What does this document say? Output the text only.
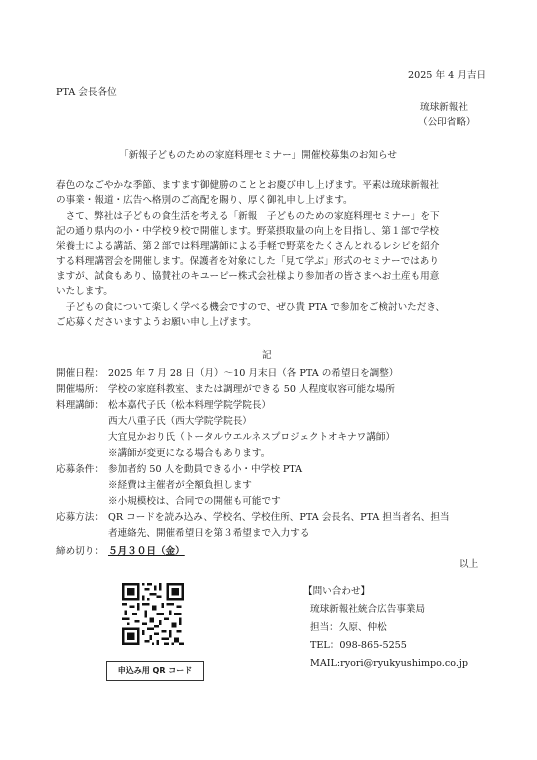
2025 年 4 月吉日
PTA 会長各位
琉球新報社
（公印省略）
「新報子どものための家庭料理セミナー」開催校募集のお知らせ
春色のなごやかな季節、ますます御健勝のこととお慶び申し上げます。平素は琉球新報社
の事業・報道・広告へ格別のご高配を賜り、厚く御礼申し上げます。
　さて、弊社は子どもの食生活を考える「新報　子どものための家庭料理セミナー」を下
記の通り県内の小・中学校９校で開催します。野菜摂取量の向上を目指し、第１部で学校
栄養士による講話、第２部では料理講師による手軽で野菜をたくさんとれるレシピを紹介
する料理講習会を開催します。保護者を対象にした「見て学ぶ」形式のセミナーではあり
ますが、試食もあり、協賛社のキユーピー株式会社様より参加者の皆さまへお土産も用意
いたします。
　子どもの食について楽しく学べる機会ですので、ぜひ貴 PTA で参加をご検討いただき、
ご応募くださいますようお願い申し上げます。
記
開催日程： 2025 年 7 月 28 日（月）～10 月末日（各 PTA の希望日を調整）
開催場所： 学校の家庭科教室、または調理ができる 50 人程度収容可能な場所
料理講師： 松本嘉代子氏（松本料理学院学院長）
西大八重子氏（西大学院学院長）
大宜見かおり氏（トータルウエルネスプロジェクトオキナワ講師）
※講師が変更になる場合もあります。
応募条件： 参加者約 50 人を動員できる小・中学校 PTA
※経費は主催者が全額負担します
※小規模校は、合同での開催も可能です
応募方法： QR コードを読み込み、学校名、学校住所、PTA 会長名、PTA 担当者名、担当
者連絡先、開催希望日を第３希望まで入力する
締め切り： ５月３０日（金）
以上
申込み用 QR コード
【問い合わせ】
琉球新報社統合広告事業局
担当：久原、仲松
TEL：098-865-5255
MAIL:ryori@ryukyushimpo.co.jp
